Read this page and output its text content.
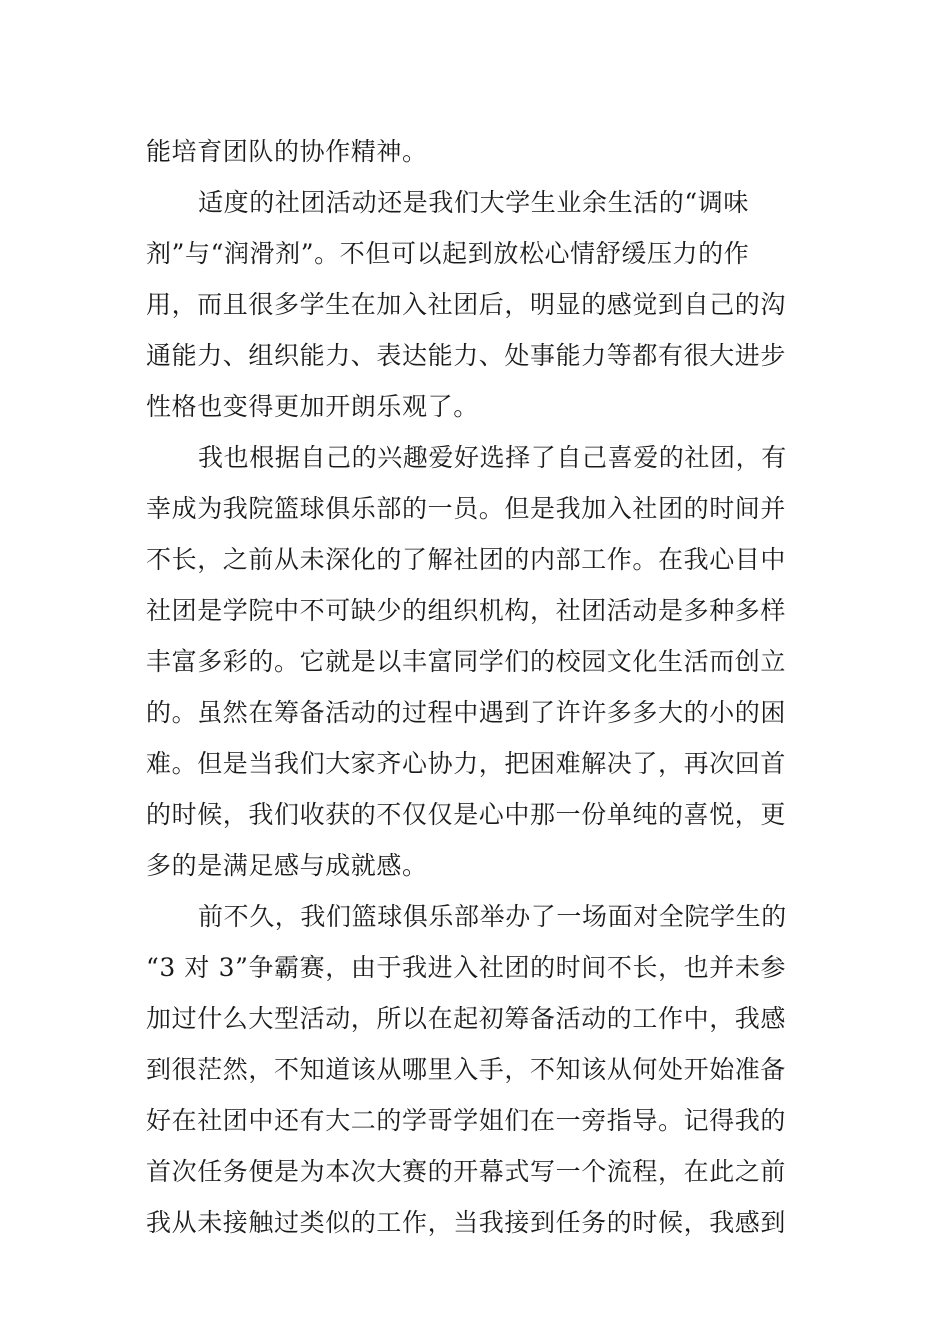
能培育团队的协作精神。
适度的社团活动还是我们大学生业余生活的“调味
剂”与“润滑剂”。不但可以起到放松心情舒缓压力的作
用，而且很多学生在加入社团后，明显的感觉到自己的沟
通能力、组织能力、表达能力、处事能力等都有很大进步
性格也变得更加开朗乐观了。
我也根据自己的兴趣爱好选择了自己喜爱的社团，有
幸成为我院篮球俱乐部的一员。但是我加入社团的时间并
不长，之前从未深化的了解社团的内部工作。在我心目中
社团是学院中不可缺少的组织机构，社团活动是多种多样
丰富多彩的。它就是以丰富同学们的校园文化生活而创立
的。虽然在筹备活动的过程中遇到了许许多多大的小的困
难。但是当我们大家齐心协力，把困难解决了，再次回首
的时候，我们收获的不仅仅是心中那一份单纯的喜悦，更
多的是满足感与成就感。
前不久，我们篮球俱乐部举办了一场面对全院学生的
“3 对 3”争霸赛，由于我进入社团的时间不长，也并未参
加过什么大型活动，所以在起初筹备活动的工作中，我感
到很茫然，不知道该从哪里入手，不知该从何处开始准备
好在社团中还有大二的学哥学姐们在一旁指导。记得我的
首次任务便是为本次大赛的开幕式写一个流程，在此之前
我从未接触过类似的工作，当我接到任务的时候，我感到
